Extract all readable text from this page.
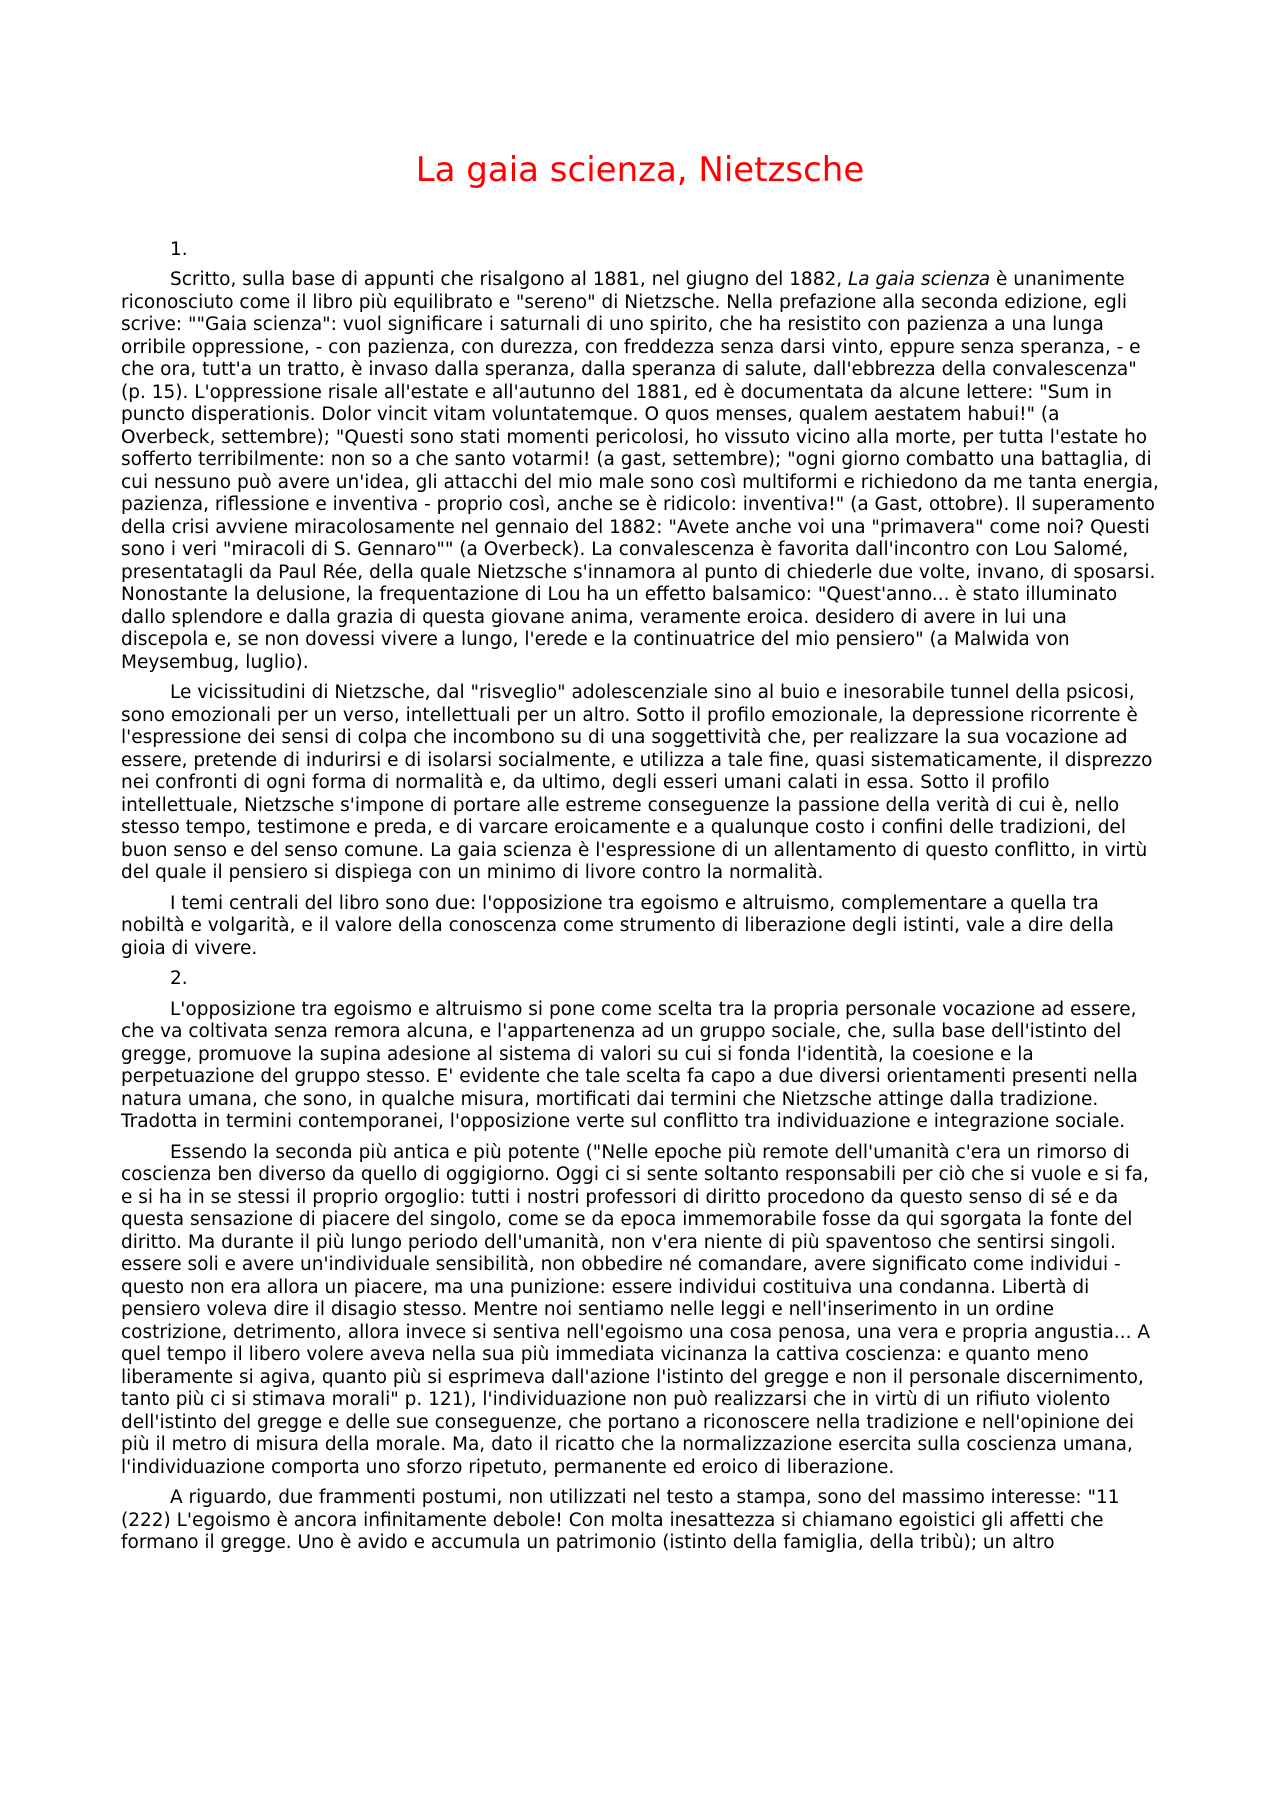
La gaia scienza, Nietzsche

1.

Scritto, sulla base di appunti che risalgono al 1881, nel giugno del 1882, La gaia scienza è unanimente riconosciuto come il libro più equilibrato e "sereno" di Nietzsche. Nella prefazione alla seconda edizione, egli scrive: ""Gaia scienza": vuol significare i saturnali di uno spirito, che ha resistito con pazienza a una lunga orribile oppressione, - con pazienza, con durezza, con freddezza senza darsi vinto, eppure senza speranza, - e che ora, tutt'a un tratto, è invaso dalla speranza, dalla speranza di salute, dall'ebbrezza della convalescenza" (p. 15). L'oppressione risale all'estate e all'autunno del 1881, ed è documentata da alcune lettere: "Sum in puncto disperationis. Dolor vincit vitam voluntatemque. O quos menses, qualem aestatem habui!" (a Overbeck, settembre); "Questi sono stati momenti pericolosi, ho vissuto vicino alla morte, per tutta l'estate ho sofferto terribilmente: non so a che santo votarmi! (a gast, settembre); "ogni giorno combatto una battaglia, di cui nessuno può avere un'idea, gli attacchi del mio male sono così multiformi e richiedono da me tanta energia, pazienza, riflessione e inventiva - proprio così, anche se è ridicolo: inventiva!" (a Gast, ottobre). Il superamento della crisi avviene miracolosamente nel gennaio del 1882: "Avete anche voi una "primavera" come noi? Questi sono i veri "miracoli di S. Gennaro"" (a Overbeck). La convalescenza è favorita dall'incontro con Lou Salomé, presentatagli da Paul Rée, della quale Nietzsche s'innamora al punto di chiederle due volte, invano, di sposarsi. Nonostante la delusione, la frequentazione di Lou ha un effetto balsamico: "Quest'anno... è stato illuminato dallo splendore e dalla grazia di questa giovane anima, veramente eroica. desidero di avere in lui una discepola e, se non dovessi vivere a lungo, l'erede e la continuatrice del mio pensiero" (a Malwida von Meysembug, luglio).

Le vicissitudini di Nietzsche, dal "risveglio" adolescenziale sino al buio e inesorabile tunnel della psicosi, sono emozionali per un verso, intellettuali per un altro. Sotto il profilo emozionale, la depressione ricorrente è l'espressione dei sensi di colpa che incombono su di una soggettività che, per realizzare la sua vocazione ad essere, pretende di indurirsi e di isolarsi socialmente, e utilizza a tale fine, quasi sistematicamente, il disprezzo nei confronti di ogni forma di normalità e, da ultimo, degli esseri umani calati in essa. Sotto il profilo intellettuale, Nietzsche s'impone di portare alle estreme conseguenze la passione della verità di cui è, nello stesso tempo, testimone e preda, e di varcare eroicamente e a qualunque costo i confini delle tradizioni, del buon senso e del senso comune. La gaia scienza è l'espressione di un allentamento di questo conflitto, in virtù del quale il pensiero si dispiega con un minimo di livore contro la normalità.

I temi centrali del libro sono due: l'opposizione tra egoismo e altruismo, complementare a quella tra nobiltà e volgarità, e il valore della conoscenza come strumento di liberazione degli istinti, vale a dire della gioia di vivere.

2.

L'opposizione tra egoismo e altruismo si pone come scelta tra la propria personale vocazione ad essere, che va coltivata senza remora alcuna, e l'appartenenza ad un gruppo sociale, che, sulla base dell'istinto del gregge, promuove la supina adesione al sistema di valori su cui si fonda l'identità, la coesione e la perpetuazione del gruppo stesso. E' evidente che tale scelta fa capo a due diversi orientamenti presenti nella natura umana, che sono, in qualche misura, mortificati dai termini che Nietzsche attinge dalla tradizione. Tradotta in termini contemporanei, l'opposizione verte sul conflitto tra individuazione e integrazione sociale.

Essendo la seconda più antica e più potente ("Nelle epoche più remote dell'umanità c'era un rimorso di coscienza ben diverso da quello di oggigiorno. Oggi ci si sente soltanto responsabili per ciò che si vuole e si fa, e si ha in se stessi il proprio orgoglio: tutti i nostri professori di diritto procedono da questo senso di sé e da questa sensazione di piacere del singolo, come se da epoca immemorabile fosse da qui sgorgata la fonte del diritto. Ma durante il più lungo periodo dell'umanità, non v'era niente di più spaventoso che sentirsi singoli. essere soli e avere un'individuale sensibilità, non obbedire né comandare, avere significato come individui - questo non era allora un piacere, ma una punizione: essere individui costituiva una condanna. Libertà di pensiero voleva dire il disagio stesso. Mentre noi sentiamo nelle leggi e nell'inserimento in un ordine costrizione, detrimento, allora invece si sentiva nell'egoismo una cosa penosa, una vera e propria angustia... A quel tempo il libero volere aveva nella sua più immediata vicinanza la cattiva coscienza: e quanto meno liberamente si agiva, quanto più si esprimeva dall'azione l'istinto del gregge e non il personale discernimento, tanto più ci si stimava morali" p. 121), l'individuazione non può realizzarsi che in virtù di un rifiuto violento dell'istinto del gregge e delle sue conseguenze, che portano a riconoscere nella tradizione e nell'opinione dei più il metro di misura della morale. Ma, dato il ricatto che la normalizzazione esercita sulla coscienza umana, l'individuazione comporta uno sforzo ripetuto, permanente ed eroico di liberazione.

A riguardo, due frammenti postumi, non utilizzati nel testo a stampa, sono del massimo interesse: "11 (222) L'egoismo è ancora infinitamente debole! Con molta inesattezza si chiamano egoistici gli affetti che formano il gregge. Uno è avido e accumula un patrimonio (istinto della famiglia, della tribù); un altro
